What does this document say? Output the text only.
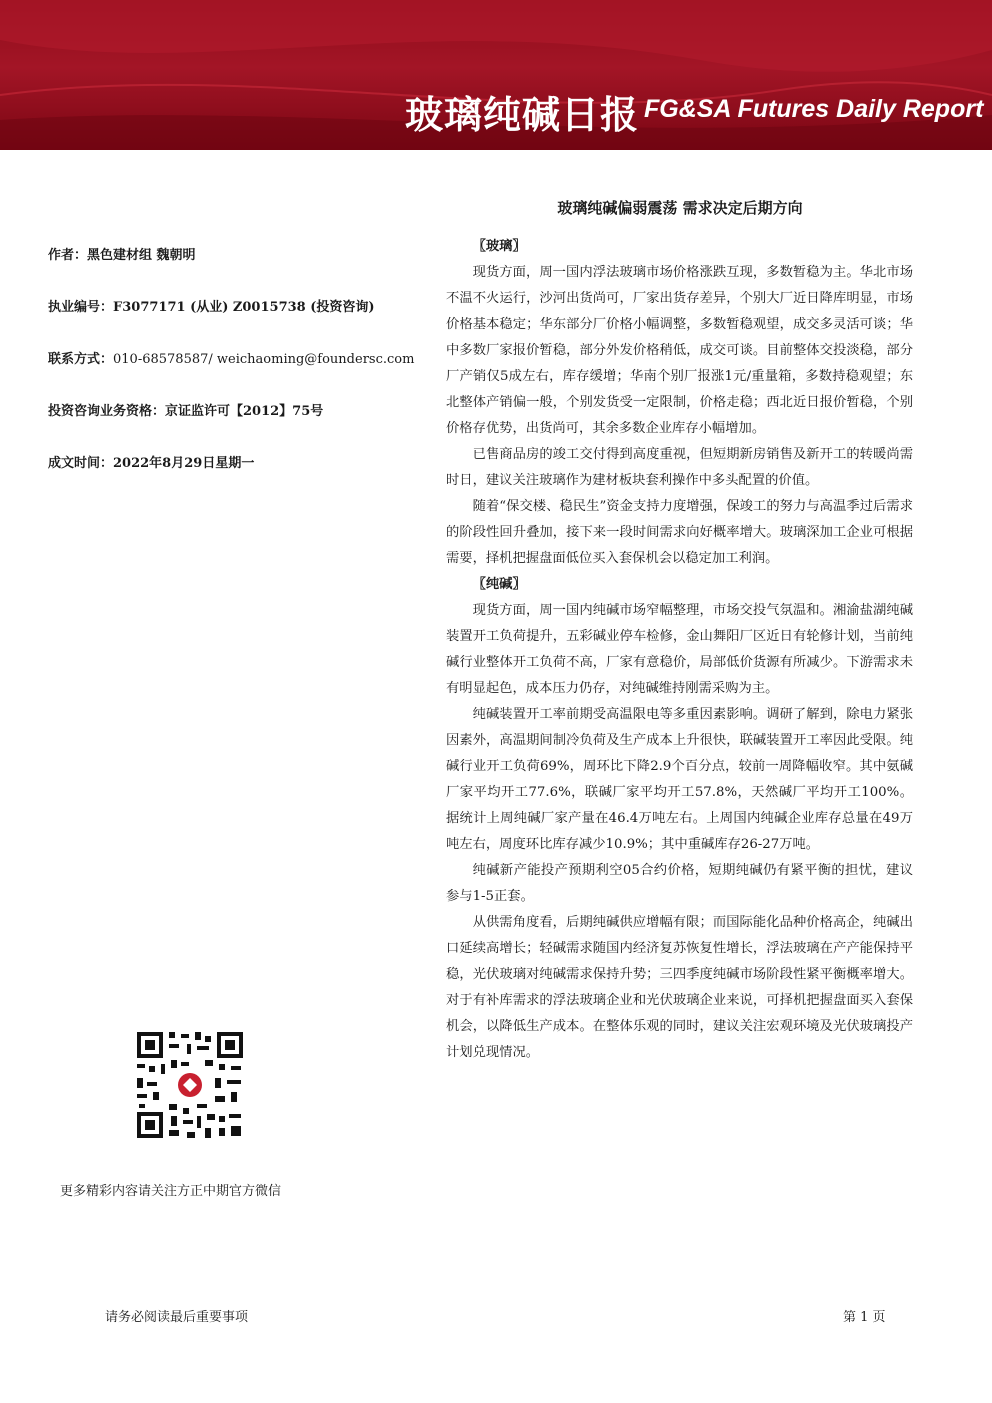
玻璃纯碱日报 FG&SA Futures Daily Report
玻璃纯碱偏弱震荡 需求决定后期方向
作者：黑色建材组 魏朝明
执业编号：F3077171 (从业) Z0015738 (投资咨询)
联系方式：010-68578587/ weichaoming@foundersc.com
投资咨询业务资格：京证监许可【2012】75号
成文时间：2022年8月29日星期一
更多精彩内容请关注方正中期官方微信

〖玻璃〗

现货方面，周一国内浮法玻璃市场价格涨跌互现，多数暂稳为主。华北市场不温不火运行，沙河出货尚可，厂家出货存差异，个别大厂近日降库明显，市场价格基本稳定；华东部分厂价格小幅调整，多数暂稳观望，成交多灵活可谈；华中多数厂家报价暂稳，部分外发价格稍低，成交可谈。目前整体交投淡稳，部分厂产销仅5成左右，库存缓增；华南个别厂报涨1元/重量箱，多数持稳观望；东北整体产销偏一般，个别发货受一定限制，价格走稳；西北近日报价暂稳，个别价格存优势，出货尚可，其余多数企业库存小幅增加。

已售商品房的竣工交付得到高度重视，但短期新房销售及新开工的转暖尚需时日，建议关注玻璃作为建材板块套利操作中多头配置的价值。

随着“保交楼、稳民生”资金支持力度增强，保竣工的努力与高温季过后需求的阶段性回升叠加，接下来一段时间需求向好概率增大。玻璃深加工企业可根据需要，择机把握盘面低位买入套保机会以稳定加工利润。

〖纯碱〗

现货方面，周一国内纯碱市场窄幅整理，市场交投气氛温和。湘渝盐湖纯碱装置开工负荷提升，五彩碱业停车检修，金山舞阳厂区近日有轮修计划，当前纯碱行业整体开工负荷不高，厂家有意稳价，局部低价货源有所减少。下游需求未有明显起色，成本压力仍存，对纯碱维持刚需采购为主。

纯碱装置开工率前期受高温限电等多重因素影响。调研了解到，除电力紧张因素外，高温期间制冷负荷及生产成本上升很快，联碱装置开工率因此受限。纯碱行业开工负荷69%，周环比下降2.9个百分点，较前一周降幅收窄。其中氨碱厂家平均开工77.6%，联碱厂家平均开工57.8%，天然碱厂平均开工100%。据统计上周纯碱厂家产量在46.4万吨左右。上周国内纯碱企业库存总量在49万吨左右，周度环比库存减少10.9%；其中重碱库存26-27万吨。

纯碱新产能投产预期利空05合约价格，短期纯碱仍有紧平衡的担忧，建议参与1-5正套。

从供需角度看，后期纯碱供应增幅有限；而国际能化品种价格高企，纯碱出口延续高增长；轻碱需求随国内经济复苏恢复性增长，浮法玻璃在产产能保持平稳，光伏玻璃对纯碱需求保持升势；三四季度纯碱市场阶段性紧平衡概率增大。对于有补库需求的浮法玻璃企业和光伏玻璃企业来说，可择机把握盘面买入套保机会，以降低生产成本。在整体乐观的同时，建议关注宏观环境及光伏玻璃投产计划兑现情况。

请务必阅读最后重要事项	第 1 页
